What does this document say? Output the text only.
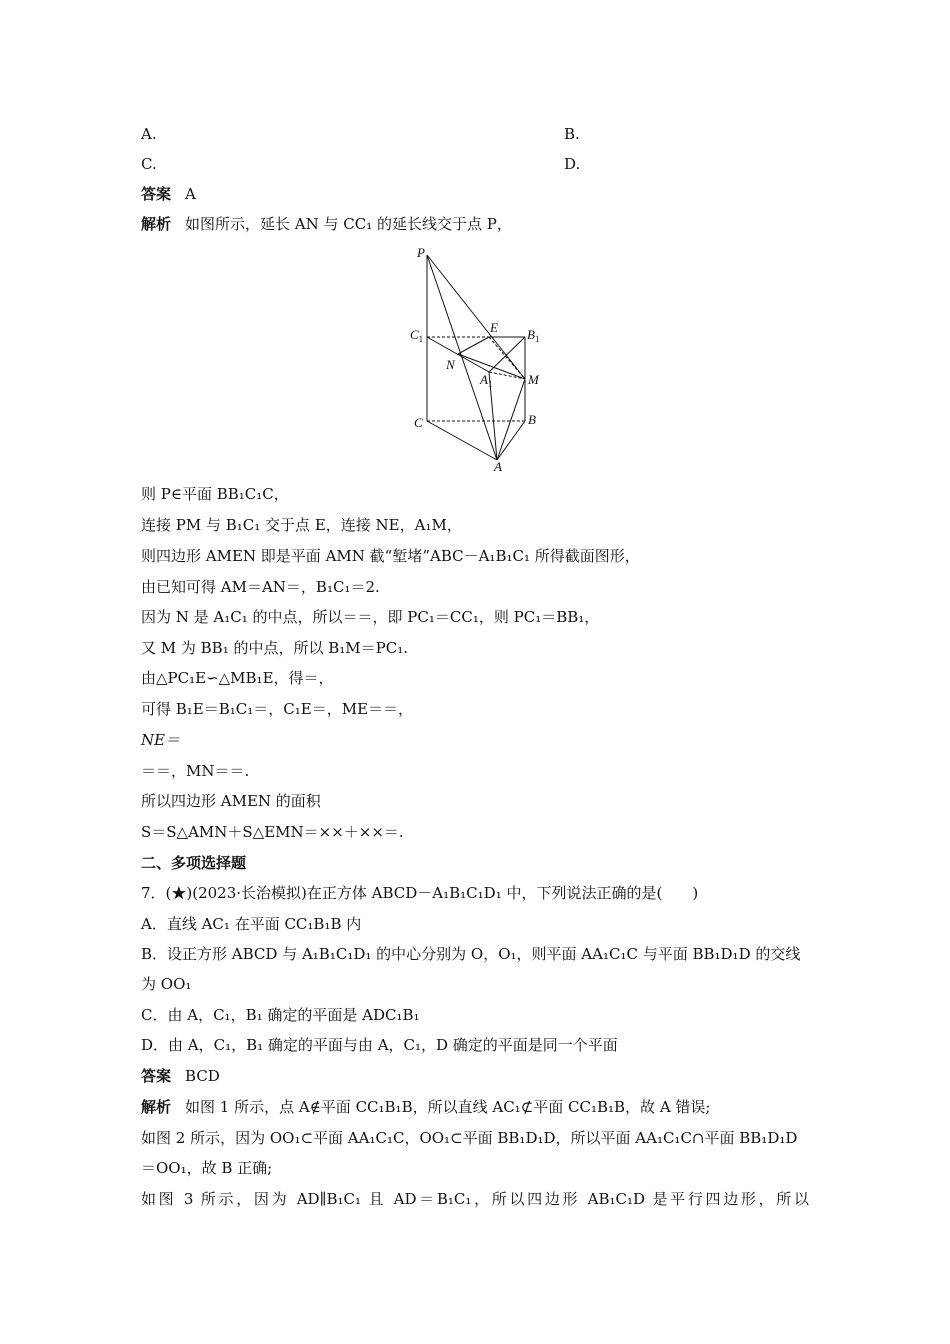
A.	B.
C.	D.
答案 A
解析 如图所示，延长 AN 与 CC₁ 的延长线交于点 P，
P
E $B_1$
$C_1$
N
$A_1$	M
C	B
A
则 P∈平面 BB₁C₁C，
连接 PM 与 B₁C₁ 交于点 E，连接 NE，A₁M，
则四边形 AMEN 即是平面 AMN 截“堑堵”ABC－A₁B₁C₁ 所得截面图形，
由已知可得 AM＝AN＝，B₁C₁＝2.
因为 N 是 A₁C₁ 的中点，所以＝＝，即 PC₁＝CC₁，则 PC₁＝BB₁，
又 M 为 BB₁ 的中点，所以 B₁M＝PC₁.
由△PC₁E∽△MB₁E，得＝，
可得 B₁E＝B₁C₁＝，C₁E＝，ME＝＝，
NE＝
＝＝，MN＝＝.
所以四边形 AMEN 的面积
S＝S△AMN＋S△EMN＝××＋××＝.
二、多项选择题
7．(★)(2023·长治模拟)在正方体 ABCD－A₁B₁C₁D₁ 中，下列说法正确的是(　　)
A．直线 AC₁ 在平面 CC₁B₁B 内
B．设正方形 ABCD 与 A₁B₁C₁D₁ 的中心分别为 O，O₁，则平面 AA₁C₁C 与平面 BB₁D₁D 的交线
为 OO₁
C．由 A，C₁，B₁ 确定的平面是 ADC₁B₁
D．由 A，C₁，B₁ 确定的平面与由 A，C₁，D 确定的平面是同一个平面
答案 BCD
解析 如图 1 所示，点 A∉平面 CC₁B₁B，所以直线 AC₁⊄平面 CC₁B₁B，故 A 错误;
如图 2 所示，因为 OO₁⊂平面 AA₁C₁C，OO₁⊂平面 BB₁D₁D，所以平面 AA₁C₁C∩平面 BB₁D₁D
＝OO₁，故 B 正确;
如图 3 所示，因为 AD∥B₁C₁ 且 AD＝B₁C₁，所以四边形 AB₁C₁D 是平行四边形，所以
